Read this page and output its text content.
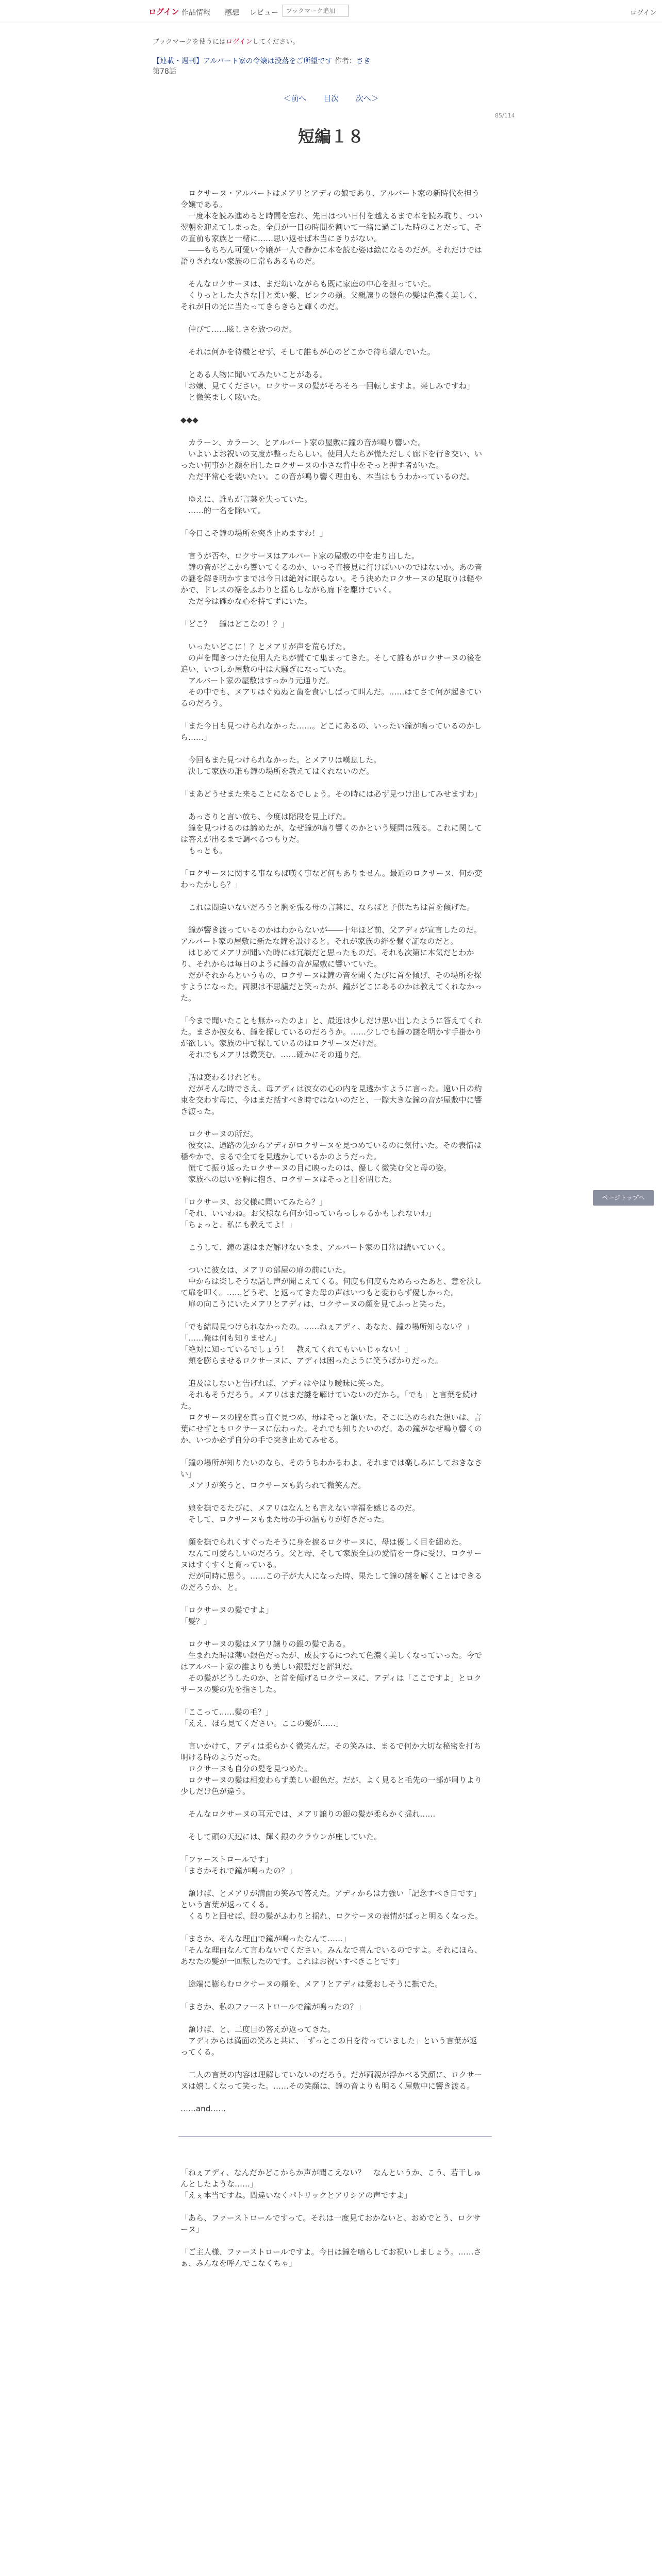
ログイン 作品情報 感想 レビュー
ブックマーク追加	ログイン
ブックマークを使うにはログインしてください。
【連載・週刊】アルバート家の令嬢は没落をご所望です 作者：さき
第78話
＜前へ 目次 次へ＞
85/114
短編１８
ページトップへ

　ロクサーヌ・アルバートはメアリとアディの娘であり、アルバート家の新時代を担う令嬢である。
　一度本を読み進めると時間を忘れ、先日はつい日付を越えるまで本を読み耽り、つい翌朝を迎えてしまった。全員が一日の時間を割いて一緒に過ごした時のことだって、その直前も家族と一緒に……思い返せば本当にきりがない。
　――もちろん可愛い令嬢が一人で静かに本を読む姿は絵になるのだが。それだけでは語りきれない家族の日常もあるものだ。

　そんなロクサーヌは、まだ幼いながらも既に家庭の中心を担っていた。
　くりっとした大きな目と柔い髪、ピンクの頬。父親譲りの銀色の髪は色濃く美しく、それが日の光に当たってきらきらと輝くのだ。

　仲びて……眩しさを放つのだ。

　それは何かを待機とせず、そして誰もが心のどこかで待ち望んでいた。

　とある人物に聞いてみたいことがある。
「お嬢、見てください。ロクサーヌの髪がそろそろ一回転しますよ。楽しみですね」
　と微笑ましく呟いた。

◆◆◆

　カラーン、カラーン、とアルバート家の屋敷に鐘の音が鳴り響いた。
　いよいよお祝いの支度が整ったらしい。使用人たちが慌ただしく廊下を行き交い、いったい何事かと顔を出したロクサーヌの小さな背中をそっと押す者がいた。
　ただ平常心を装いたい。この音が鳴り響く理由も、本当はもうわかっているのだ。

　ゆえに、誰もが言葉を失っていた。
　……的一名を除いて。

「今日こそ鐘の場所を突き止めますわ！」

　言うが否や、ロクサーヌはアルバート家の屋敷の中を走り出した。
　鐘の音がどこから響いてくるのか、いっそ直接見に行けばいいのではないか。あの音の謎を解き明かすまでは今日は絶対に眠らない。そう決めたロクサーヌの足取りは軽やかで、ドレスの裾をふわりと揺らしながら廊下を駆けていく。
　ただ今は確かな心を持てずにいた。

「どこ？　鐘はどこなの！？」

　いったいどこに！？とメアリが声を荒らげた。
　の声を聞きつけた使用人たちが慌てて集まってきた。そして誰もがロクサーヌの後を追い、いつしか屋敷の中は大騒ぎになっていた。
　アルバート家の屋敷はすっかり元通りだ。
　その中でも、メアリはぐぬぬと歯を食いしばって叫んだ。……はてさて何が起きているのだろう。

「また今日も見つけられなかった……。どこにあるの、いったい鐘が鳴っているのかしら……」

　今回もまた見つけられなかった。とメアリは嘆息した。
　決して家族の誰も鐘の場所を教えてはくれないのだ。

「まあどうせまた来ることになるでしょう。その時には必ず見つけ出してみせますわ」

　あっさりと言い放ち、今度は階段を見上げた。
　鐘を見つけるのは諦めたが、なぜ鐘が鳴り響くのかという疑問は残る。これに関しては答えが出るまで調べるつもりだ。
　もっとも。

「ロクサーヌに関する事ならば嘆く事など何もありません。最近のロクサーヌ、何か変わったかしら？」

　これは間違いないだろうと胸を張る母の言葉に、ならばと子供たちは首を傾げた。

　鐘が響き渡っているのかはわからないが――十年ほど前、父アディが宣言したのだ。アルバート家の屋敷に新たな鐘を設けると。それが家族の絆を繋ぐ証なのだと。
　はじめてメアリが聞いた時には冗談だと思ったものだ。それも次第に本気だとわかり、それからは毎日のように鐘の音が屋敷に響いていた。
　だがそれからというもの、ロクサーヌは鐘の音を聞くたびに首を傾げ、その場所を探すようになった。両親は不思議だと笑ったが、鐘がどこにあるのかは教えてくれなかった。

「今まで聞いたことも無かったのよ」と、最近は少しだけ思い出したように答えてくれた。まさか彼女も、鐘を探しているのだろうか。……少しでも鐘の謎を明かす手掛かりが欲しい。家族の中で探しているのはロクサーヌだけだ。
　それでもメアリは微笑む。……確かにその通りだ。

　話は変わるけれども。
　だがそんな時でさえ、母アディは彼女の心の内を見透かすように言った。遠い日の約束を交わす母に、今はまだ話すべき時ではないのだと、一際大きな鐘の音が屋敷中に響き渡った。

　ロクサーヌの所だ。
　彼女は、通路の先からアディがロクサーヌを見つめているのに気付いた。その表情は穏やかで、まるで全てを見透かしているかのようだった。
　慌てて振り返ったロクサーヌの目に映ったのは、優しく微笑む父と母の姿。
　家族への思いを胸に抱き、ロクサーヌはそっと目を閉じた。

「ロクサーヌ、お父様に聞いてみたら？」
「それ、いいわね。お父様なら何か知っていらっしゃるかもしれないわ」
「ちょっと、私にも教えてよ！」

　こうして、鐘の謎はまだ解けないまま、アルバート家の日常は続いていく。

　ついに彼女は、メアリの部屋の扉の前にいた。
　中からは楽しそうな話し声が聞こえてくる。何度も何度もためらったあと、意を決して扉を叩く。……どうぞ、と返ってきた母の声はいつもと変わらず優しかった。
　扉の向こうにいたメアリとアディは、ロクサーヌの顔を見てふっと笑った。

「でも結局見つけられなかったの。……ねぇアディ、あなた、鐘の場所知らない？」
「……俺は何も知りません」
「絶対に知っているでしょう！　教えてくれてもいいじゃない！」
　頬を膨らませるロクサーヌに、アディは困ったように笑うばかりだった。

　追及はしないと告げれば、アディはやはり曖昧に笑った。
　それもそうだろう。メアリはまだ謎を解けていないのだから。「でも」と言葉を続けた。
　ロクサーヌの瞳を真っ直ぐ見つめ、母はそっと頷いた。そこに込められた想いは、言葉にせずともロクサーヌに伝わった。それでも知りたいのだ。あの鐘がなぜ鳴り響くのか、いつか必ず自分の手で突き止めてみせる。

「鐘の場所が知りたいのなら、そのうちわかるわよ。それまでは楽しみにしておきなさい」
　メアリが笑うと、ロクサーヌも釣られて微笑んだ。

　娘を撫でるたびに、メアリはなんとも言えない幸福を感じるのだ。
　そして、ロクサーヌもまた母の手の温もりが好きだった。

　顔を撫でられくすぐったそうに身を捩るロクサーヌに、母は優しく目を細めた。
　なんて可愛らしいのだろう。父と母、そして家族全員の愛情を一身に受け、ロクサーヌはすくすくと育っている。
　だが同時に思う。……この子が大人になった時、果たして鐘の謎を解くことはできるのだろうか、と。

「ロクサーヌの髪ですよ」
「髪？」

　ロクサーヌの髪はメアリ譲りの銀の髪である。
　生まれた時は薄い銀色だったが、成長するにつれて色濃く美しくなっていった。今ではアルバート家の誰よりも美しい銀髪だと評判だ。
　その髪がどうしたのか、と首を傾げるロクサーヌに、アディは「ここですよ」とロクサーヌの髪の先を指さした。

「ここって……髪の毛？」
「ええ、ほら見てください。ここの髪が……」

　言いかけて、アディは柔らかく微笑んだ。その笑みは、まるで何か大切な秘密を打ち明ける時のようだった。
　ロクサーヌも自分の髪を見つめた。
　ロクサーヌの髪は相変わらず美しい銀色だ。だが、よく見ると毛先の一部が周りより少しだけ色が違う。

　そんなロクサーヌの耳元では、メアリ譲りの銀の髪が柔らかく揺れ……

　そして頭の天辺には、輝く銀のクラウンが座していた。

「ファーストロールです」
「まさかそれで鐘が鳴ったの？」

　頷けば、とメアリが満面の笑みで答えた。アディからは力強い「記念すべき日です」という言葉が返ってくる。
　くるりと回せば、銀の髪がふわりと揺れ、ロクサーヌの表情がぱっと明るくなった。

「まさか、そんな理由で鐘が鳴ったなんて……」
「そんな理由なんて言わないでください。みんなで喜んでいるのですよ。それにほら、あなたの髪が一回転したのです。これはお祝いすべきことです」

　途端に膨らむロクサーヌの頬を、メアリとアディは愛おしそうに撫でた。

「まさか、私のファーストロールで鐘が鳴ったの？」

　頷けば、と、二度目の答えが返ってきた。
　アディからは満面の笑みと共に、「ずっとこの日を待っていました」という言葉が返ってくる。

　二人の言葉の内容は理解していないのだろう。だが両親が浮かべる笑顔に、ロクサーヌは嬉しくなって笑った。……その笑顔は、鐘の音よりも明るく屋敷中に響き渡る。

……and……

「ねぇアディ、なんだかどこからか声が聞こえない？　なんというか、こう、若干しゅんとしたような……」
「えぇ本当ですね。間違いなくパトリックとアリシアの声ですよ」

「あら、ファーストロールですって。それは一度見ておかないと、おめでとう、ロクサーヌ」

「ご主人様、ファーストロールですよ。今日は鐘を鳴らしてお祝いしましょう。……さぁ、みんなを呼んでこなくちゃ」
